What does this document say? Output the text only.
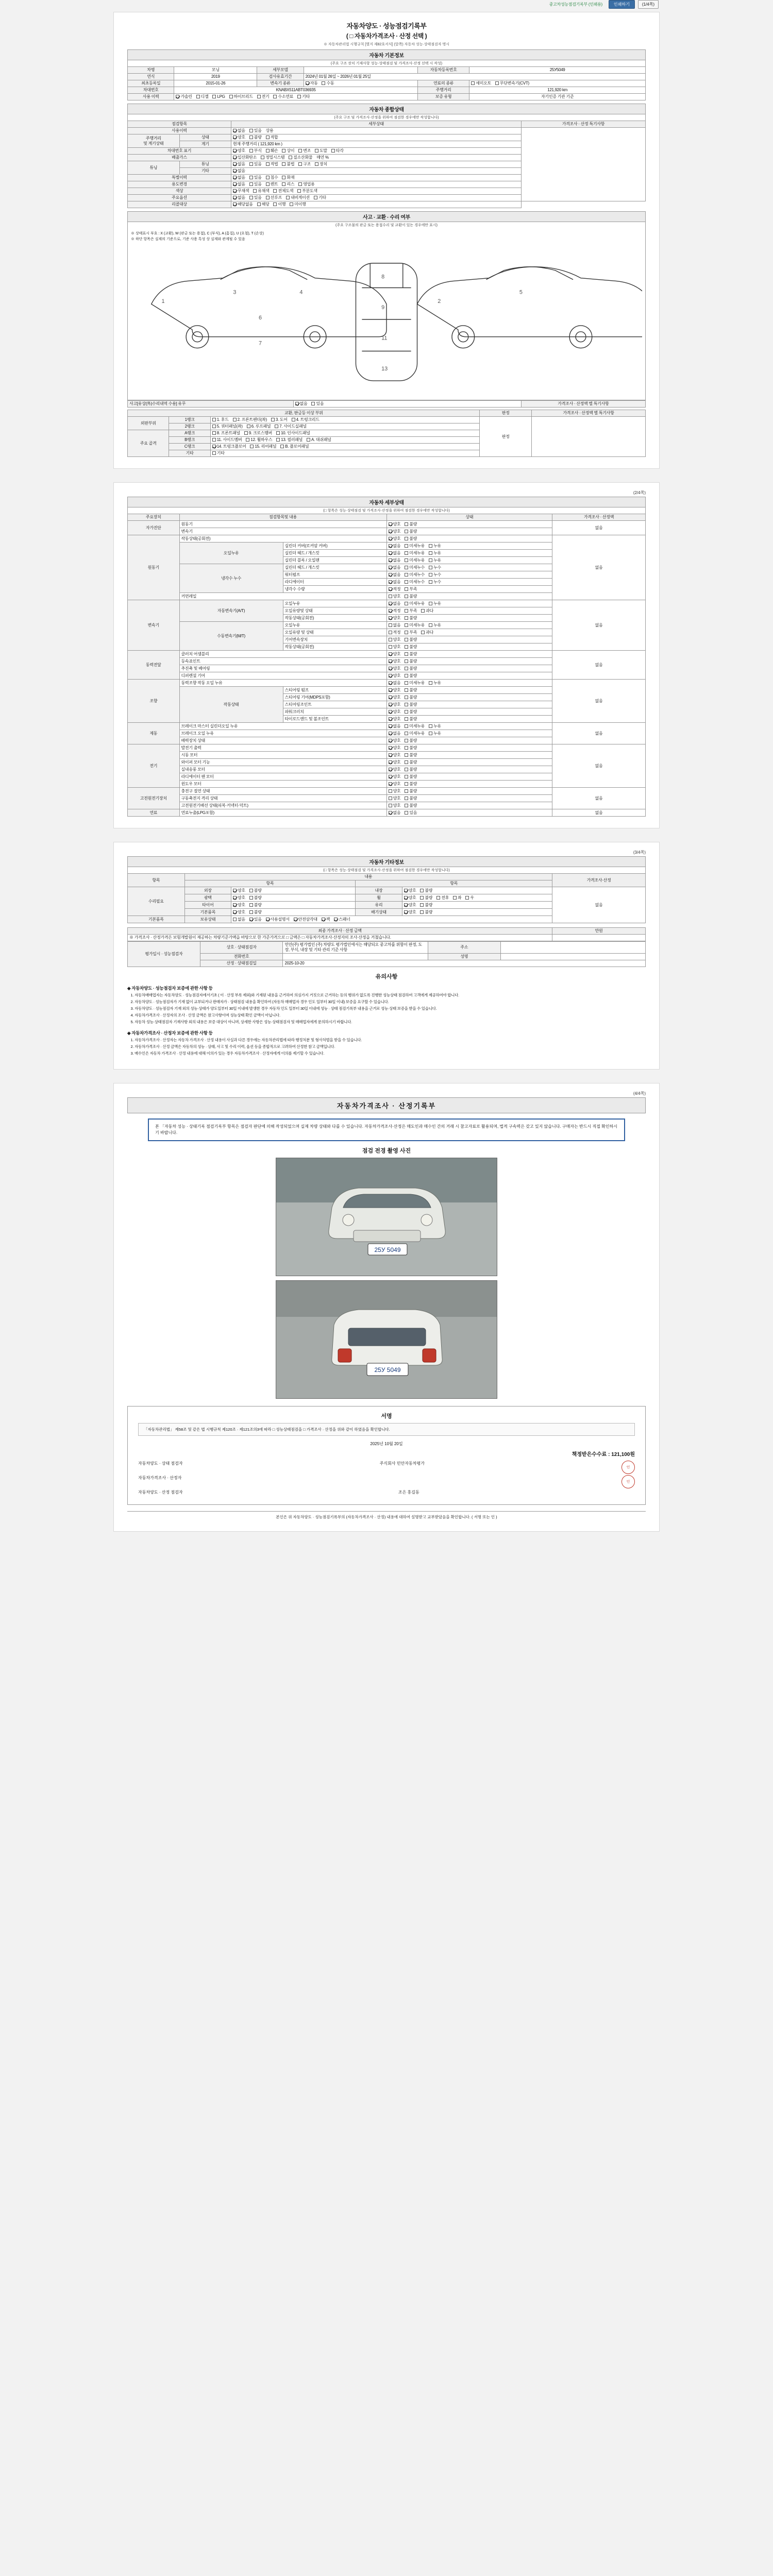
중고차성능점검기록부 (인쇄용)	인쇄하기	(1/4쪽)
자동차양도 · 성능점검기록부
( □ 자동차가격조사 · 산정 선택 )
※ 자동차관리법 시행규칙 [별지 제82호서식] (앞쪽) 자동차 성능·상태점검자 명시
자동차 기본정보
(주요 구조 장치 기재사항 성능·상태점검 및 가격조사·산정 선택 시 작성)
차명	모닝	세부모델		자동차등록번호	25У5049
연식	2019	검사유효기간	2024년 01월 26일 ~ 2026년 01월 25일		
최초등록일	2015-01-26	변속기 종류	자동 수동	연료의 종류	세미오토 무단변속기(CVT)
차대번호	KNABX511ABT036935			주행거리	121,920 km
사용 이력	가솔린 디젤 LPG 하이브리드 전기 수소연료 기타			보증 유형	자기인증 기관 기준
자동차 종합상태
(주요 구조 및 가격조사·산정을 위하여 점검한 경우에만 작성합니다)
점검항목		세부상태	가격조사 · 산정 특기사항
사용이력		없음 있음 상용	
주행거리
및 계기상태	상태	양호 불량 적합	
	계기	현재 주행거리 ( 121,920 km )	
차대번호 표기		양호 부식 훼손 상이 변조 도말 타각	
배출가스		일산화탄소 정밀시스템 질소산화물 매연 %	
튜닝	튜닝	없음 있음 적법 불법 구조 장치	
	기타	없음	
특별이력		없음 있음 침수 화재	
용도변경		없음 있음 렌트 리스 영업용	
색상		무채색 유채색 전체도색 부분도색	
주요옵션		없음 있음 선루프 내비게이션 기타	
리콜대상		해당없음 해당 이행 미이행	
사고 · 교환 · 수리 여부
(주요 구조물의 판금 또는 용접수리 및 교환이 있는 경우에만 표시)
※ 상태표시 부호 : X (교환), W (판금 또는 용접), C (부식), A (흠집), U (요철), T (손상)
※ 하단 항목은 실제의 기준으로, 기준 사용 특성 상 실제와 관계될 수 있음
1
3	4
6
7
2
5
8
9
11
13
사고[유상(外)수리내역 수용] 유무	없음 있음	가격조사 · 산정액 별 특기사항
교환, 판금등 이상 부위			판정	가격조사 · 산정액 별 특기사항
외판부위	1랭크	1. 후드 2. 프론트펜더(좌) 3. 도어 4. 트렁크리드	판정	
	2랭크	5. 쿼터패널(좌) 6. 루프패널 7. 사이드실패널		
주요 골격	A랭크	8. 프론트패널 9. 크로스멤버 10. 인사이드패널		
	B랭크	11. 사이드멤버 12. 휠하우스 13. 필러패널 A. 대쉬패널		
	C랭크	14. 트렁크플로어 15. 리어패널 B. 플로어패널		
	기타	기타		
(2/4쪽)
자동차 세부상태
(□ 항목은 성능·상태점검 및 가격조사·산정을 위하여 점검한 경우에만 작성합니다)
주요장치	점검항목및 내용		상태	가격조사 · 산정액
자가진단	원동기		양호 불량	없음
	변속기		양호 불량	
원동기	작동상태(공회전)		양호 불량	없음
	오일누유	실린더 커버(로커암 커버)	없음 미세누유 누유	
		실린더 헤드 / 개스킷	없음 미세누유 누유	
		실린더 블록 / 오일팬	없음 미세누유 누유	
	냉각수 누수	실린더 헤드 / 개스킷	없음 미세누수 누수	
		워터펌프	없음 미세누수 누수	
		라디에이터	없음 미세누수 누수	
		냉각수 수량	적정 부족	
	커먼레일		양호 불량	
변속기	자동변속기(A/T)	오일누유	없음 미세누유 누유	없음
		오일유량및 상태	적정 부족 과다	
		작동상태(공회전)	양호 불량	
	수동변속기(M/T)	오일누유	없음 미세누유 누유	
		오일유량 및 상태	적정 부족 과다	
		기어변속장치	양호 불량	
		작동상태(공회전)	양호 불량	
동력전달	클러치 어셈블리		양호 불량	없음
	등속죠인트		양호 불량	
	추진축 및 베어링		양호 불량	
	디퍼렌셜 기어		양호 불량	
조향	동력조향 작동 오일 누유		없음 미세누유 누유	없음
	작동상태	스티어링 펌프	양호 불량	
		스티어링 기어(MDPS포함)	양호 불량	
		스티어링조인트	양호 불량	
		파워크러치	양호 불량	
		타이로드엔드 및 볼조인트	양호 불량	
제동	브레이크 마스터 실린더오일 누유		없음 미세누유 누유	없음
	브레이크 오일 누유		없음 미세누유 누유	
	배력장치 상태		양호 불량	
전기	발전기 출력		양호 불량	없음
	시동 모터		양호 불량	
	와이퍼 모터 기능		양호 불량	
	실내송풍 모터		양호 불량	
	라디에이터 팬 모터		양호 불량	
	윈도우 모터		양호 불량	
고전원전기장치	충전구 절연 상태		양호 불량	없음
	구동축전지 격리 상태		양호 불량	
	고전원전기배선 상태(피복·커넥터·덕트)		양호 불량	
연료	연료누출(LPG포함)		없음 있음	없음
(3/4쪽)
자동차 기타정보
(□ 항목은 성능·상태점검 및 가격조사·산정을 위하여 점검한 경우에만 작성합니다)
항목	내용				가격조사·산정
	항목		항목		
수리필요	외장	양호 불량	내장	양호 불량	없음
	광택	양호 불량	휠	양호 불량 전후 좌 우	
	타이어	양호 불량	유리	양호 불량	
	기본품목	양호 불량	배기상태	양호 불량	
기본품목	보유상태	없음 있음 사용설명서 안전삼각대 잭 스패너			
최종 가격조사 · 산정 금액	만원
※ 가격조사 · 산정가격은 보험개발원이 제공하는 차량기준가액을 바탕으로 한 가준가격으로 □ 금액은 □ 자동차가격조사·산정자의 조사·산정을 거쳤습니다.	
평가일시 · 성능점검자	상호 · 상태점검자	민안(주) 평가법인 (주) 차량도 평가법인에서는 해당되오 중고차를 위함이 판정, 도장, 부식, 내장 및 기타 관리 기준 사항	주소	
	전화번호		성명	
	산정 · 상태점검일	2025-10-20		
유의사항
◈ 자동차양도 · 성능점검자 보증에 관한 사항 등
1. 자동차매매업자는 자동차양도 · 성능점검자에서기초 ( 이 · 산정 부록 제외)와 기재된 내용을 근거하여 의심가지 거짓으로 근거하는 등의 행위가 없도록 진행한 성능상태 점검하여 고객에게 제공하여야 합니다.
2. 자동차양도 · 성능점검자가 기재 없이 교부되거나 판매자가 · 상태점검 내용을 확인하여 (자동차 매매업자 경우 인도 일부터 30일 이내) 보증을 요구할 수 있습니다.
3. 자동차양도 · 성능점검자 기재 외의 성능·상태가 양도일부터 30일 이내에 발생한 경우 자동차 인도 일부터 30일 이내에 성능 · 상태 점검기록부 내용을 근거로 성능·상태 보증을 받을 수 있습니다.
4. 자동차가격조사 · 산정자의 조사 · 산정 금액은 참고사항이며 성능상태 확인 금액이 아닙니다.
5. 자동차 성능·상태점검자 기재사항 외의 내용은 보증 대상이 아니며, 상세한 사항은 성능·상태점검자 및 매매업자에게 문의하시기 바랍니다.
◈ 자동차가격조사 · 산정자 보증에 관한 사항 등
1. 자동차가격조사 · 산정자는 자동차 가격조사 · 산정 내용이 사실과 다른 경우에는 자동차관리법에 따라 행정처분 및 형사처벌을 받을 수 있습니다.
2. 자동차가격조사 · 산정 금액은 자동차의 성능 · 상태, 사고 및 수리 이력, 옵션 등을 종합적으로 고려하여 산정한 참고 금액입니다.
3. 매수인은 자동차 가격조사 · 산정 내용에 대해 이의가 있는 경우 자동차가격조사 · 산정자에게 이의를 제기할 수 있습니다.
(4/4쪽)
자동차가격조사 · 산정기록부
본 「자동차 성능 · 상태기록 점검기록부 항목은 점검자 판단에 의해 작성되었으며 실제 차량 상태와 다를 수 있습니다. 자동차가격조사·산정은 매도인과 매수인 간의 거래 시 참고자료로 활용되며, 법적 구속력은 갖고 있지 않습니다. 구매자는 반드시 직접 확인하시기 바랍니다.
점검 전경 촬영 사진
25У 5049
25У 5049
서명
「자동차관리법」 제58조 및 같은 법 시행규칙 제120조 · 제121조의3에 따라 □ 성능상태점검을 □ 가격조사 · 산정을 위와 같이 하였음을 확인합니다.
2025년 10월 20일
책정받은수수료 : 121,100원
자동차양도 · 상태 점검자	주식회사 민안자동차평가
인
자동차가격조사 · 산정자
인
자동차양도 · 산정 점검자	조은 홍길동
본인은 위 자동차양도 · 성능점검기록부의 (자동차가격조사 · 산정) 내용에 대하여 설명받고 교부받았음을 확인합니다. ( 서명 또는 인 )
